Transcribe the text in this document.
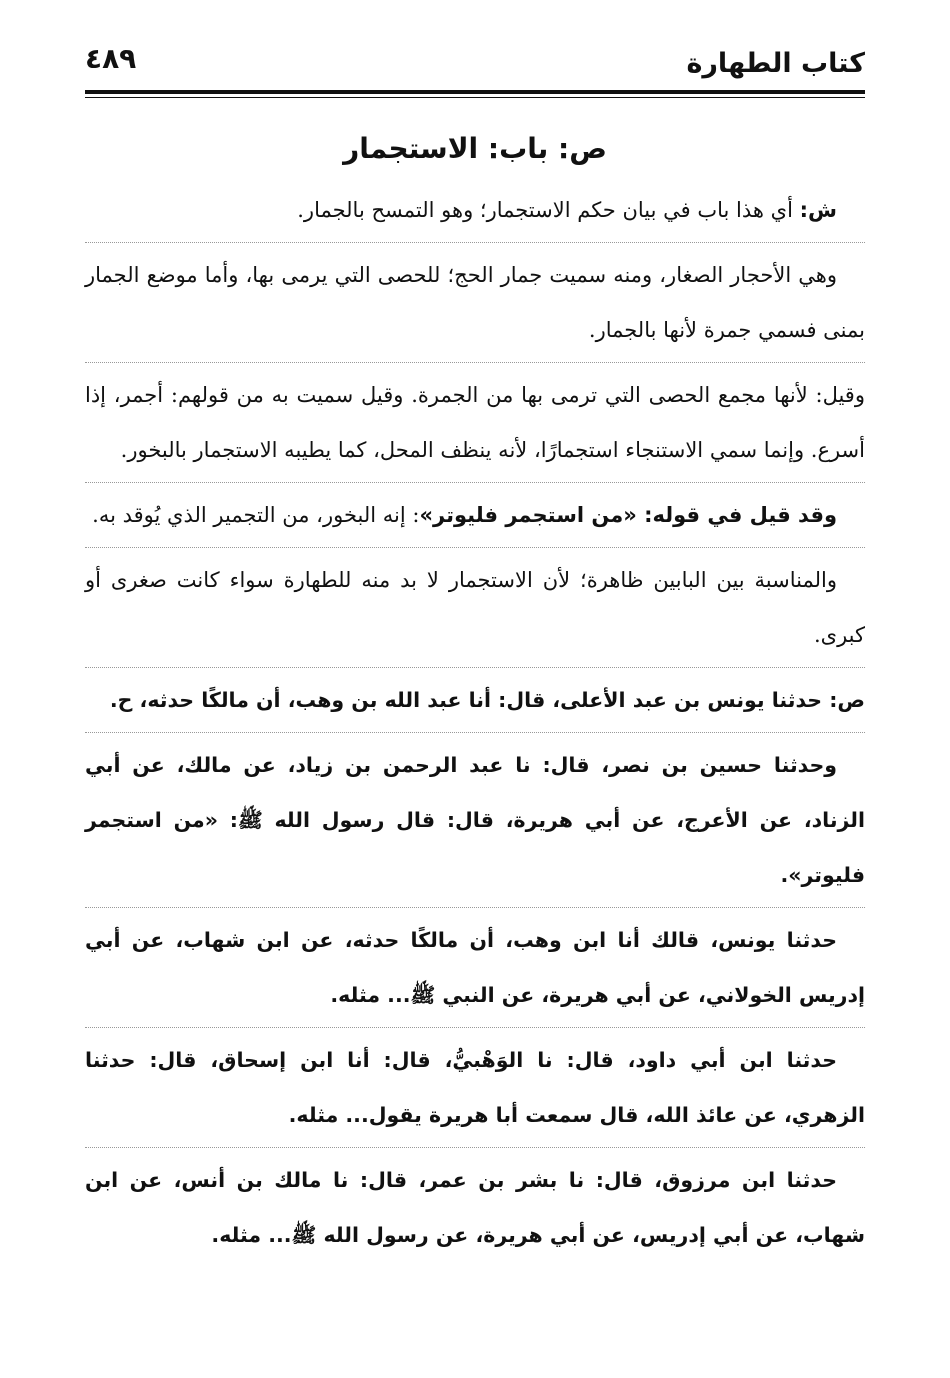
كتاب الطهارة
٤٨٩
ص: باب: الاستجمار

ش: أي هذا باب في بيان حكم الاستجمار؛ وهو التمسح بالجمار.

وهي الأحجار الصغار، ومنه سميت جمار الحج؛ للحصى التي يرمى بها، وأما موضع الجمار بمنى فسمي جمرة لأنها بالجمار.

وقيل: لأنها مجمع الحصى التي ترمى بها من الجمرة. وقيل سميت به من قولهم: أجمر، إذا أسرع. وإنما سمي الاستنجاء استجمارًا، لأنه ينظف المحل، كما يطيبه الاستجمار بالبخور.

وقد قيل في قوله: «من استجمر فليوتر»: إنه البخور، من التجمير الذي يُوقد به.

والمناسبة بين البابين ظاهرة؛ لأن الاستجمار لا بد منه للطهارة سواء كانت صغرى أو كبرى.

ص: حدثنا يونس بن عبد الأعلى، قال: أنا عبد الله بن وهب، أن مالكًا حدثه، ح.

وحدثنا حسين بن نصر، قال: نا عبد الرحمن بن زياد، عن مالك، عن أبي الزناد، عن الأعرج، عن أبي هريرة، قال: قال رسول الله ﷺ: «من استجمر فليوتر».

حدثنا يونس، قالك أنا ابن وهب، أن مالكًا حدثه، عن ابن شهاب، عن أبي إدريس الخولاني، عن أبي هريرة، عن النبي ﷺ... مثله.

حدثنا ابن أبي داود، قال: نا الوَهْبيُّ، قال: أنا ابن إسحاق، قال: حدثنا الزهري، عن عائذ الله، قال سمعت أبا هريرة يقول... مثله.

حدثنا ابن مرزوق، قال: نا بشر بن عمر، قال: نا مالك بن أنس، عن ابن شهاب، عن أبي إدريس، عن أبي هريرة، عن رسول الله ﷺ... مثله.
